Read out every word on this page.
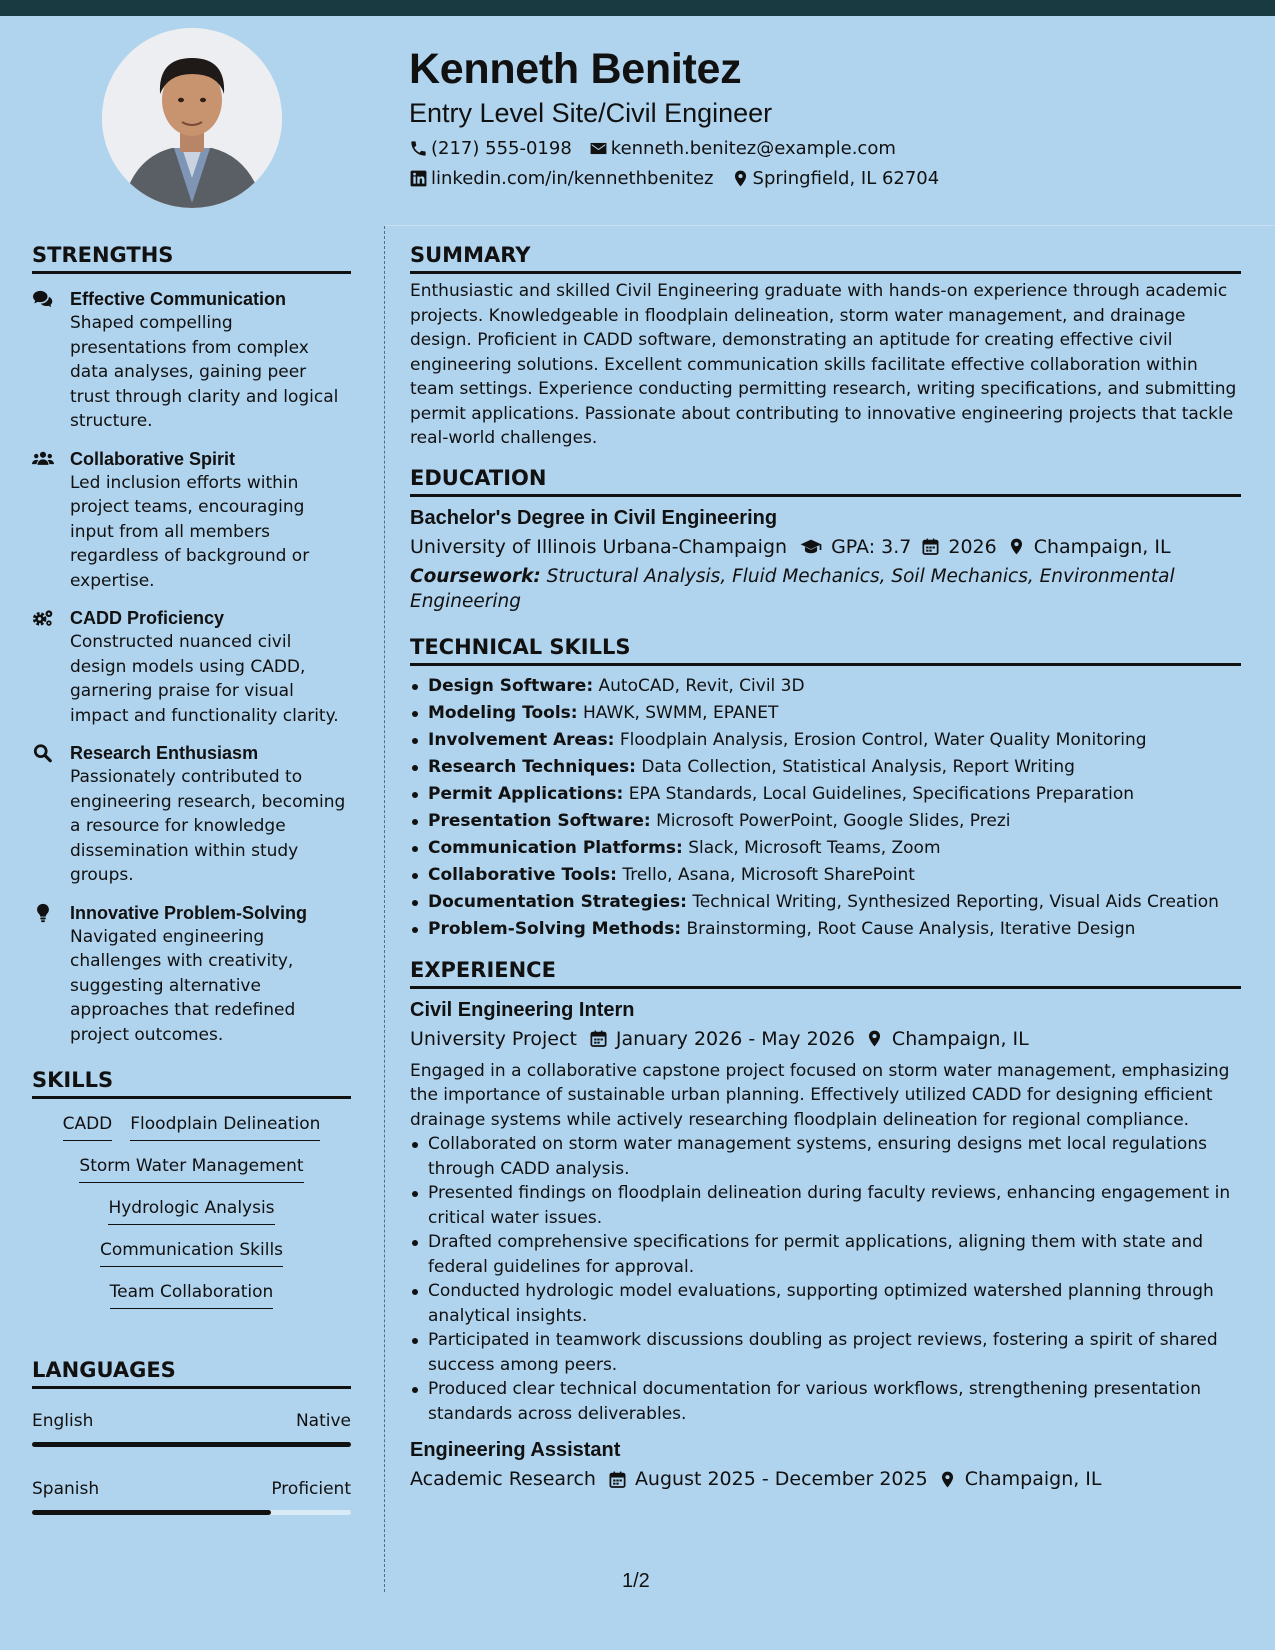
Kenneth Benitez
Entry Level Site/Civil Engineer
(217) 555-0198 kenneth.benitez@example.com
linkedin.com/in/kennethbenitez Springfield, IL 62704
STRENGTHS
Effective Communication
Shaped compelling presentations from complex data analyses, gaining peer trust through clarity and logical structure.
Collaborative Spirit
Led inclusion efforts within project teams, encouraging input from all members regardless of background or expertise.
CADD Proficiency
Constructed nuanced civil design models using CADD, garnering praise for visual impact and functionality clarity.
Research Enthusiasm
Passionately contributed to engineering research, becoming a resource for knowledge dissemination within study groups.
Innovative Problem-Solving
Navigated engineering challenges with creativity, suggesting alternative approaches that redefined project outcomes.
SKILLS
CADD Floodplain Delineation
Storm Water Management
Hydrologic Analysis
Communication Skills
Team Collaboration
LANGUAGES
English	Native
Spanish	Proficient
SUMMARY
Enthusiastic and skilled Civil Engineering graduate with hands-on experience through academic projects. Knowledgeable in floodplain delineation, storm water management, and drainage design. Proficient in CADD software, demonstrating an aptitude for creating effective civil engineering solutions. Excellent communication skills facilitate effective collaboration within team settings. Experience conducting permitting research, writing specifications, and submitting permit applications. Passionate about contributing to innovative engineering projects that tackle real-world challenges.
EDUCATION
Bachelor's Degree in Civil Engineering
University of Illinois Urbana-Champaign GPA: 3.7 2026 Champaign, IL
Coursework: Structural Analysis, Fluid Mechanics, Soil Mechanics, Environmental Engineering
TECHNICAL SKILLS
Design Software: AutoCAD, Revit, Civil 3D
Modeling Tools: HAWK, SWMM, EPANET
Involvement Areas: Floodplain Analysis, Erosion Control, Water Quality Monitoring
Research Techniques: Data Collection, Statistical Analysis, Report Writing
Permit Applications: EPA Standards, Local Guidelines, Specifications Preparation
Presentation Software: Microsoft PowerPoint, Google Slides, Prezi
Communication Platforms: Slack, Microsoft Teams, Zoom
Collaborative Tools: Trello, Asana, Microsoft SharePoint
Documentation Strategies: Technical Writing, Synthesized Reporting, Visual Aids Creation
Problem-Solving Methods: Brainstorming, Root Cause Analysis, Iterative Design
EXPERIENCE
Civil Engineering Intern
University Project January 2026 - May 2026 Champaign, IL
Engaged in a collaborative capstone project focused on storm water management, emphasizing the importance of sustainable urban planning. Effectively utilized CADD for designing efficient drainage systems while actively researching floodplain delineation for regional compliance.
Collaborated on storm water management systems, ensuring designs met local regulations through CADD analysis.
Presented findings on floodplain delineation during faculty reviews, enhancing engagement in critical water issues.
Drafted comprehensive specifications for permit applications, aligning them with state and federal guidelines for approval.
Conducted hydrologic model evaluations, supporting optimized watershed planning through analytical insights.
Participated in teamwork discussions doubling as project reviews, fostering a spirit of shared success among peers.
Produced clear technical documentation for various workflows, strengthening presentation standards across deliverables.
Engineering Assistant
Academic Research August 2025 - December 2025 Champaign, IL
1/2
